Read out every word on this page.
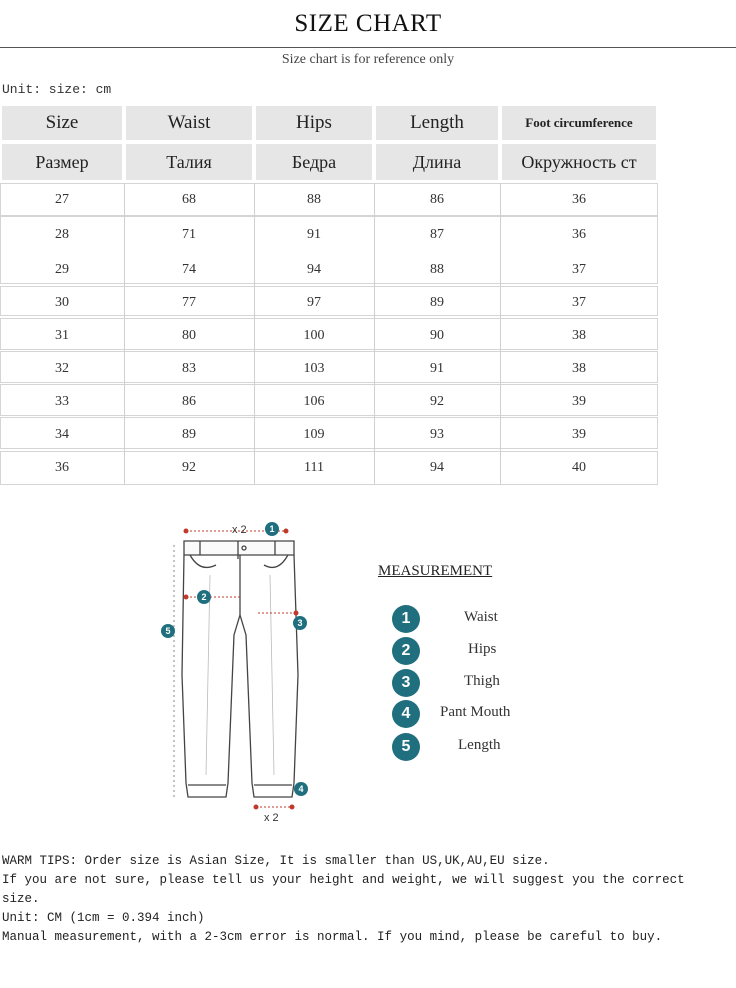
SIZE CHART
Size chart is for reference only
Unit: size: cm
Size	Waist	Hips	Length	Foot circumference
Размер	Талия	Бедра	Длина	Окружность ст
27	68	88	86	36
28	71	91	87	36
29	74	94	88	37
30	77	97	89	37
31	80	100	90	38
32	83	103	91	38
33	86	106	92	39
34	89	109	93	39
36	92	111	94	40
x 2
x 2
1
2
3
4
5
MEASUREMENT
1	Waist
2	Hips
3	Thigh
4	Pant Mouth
5	Length
WARM TIPS: Order size is Asian Size, It is smaller than US,UK,AU,EU size.
If you are not sure, please tell us your height and weight, we will suggest you the correct
size.
Unit: CM (1cm = 0.394 inch)
Manual measurement, with a 2-3cm error is normal. If you mind, please be careful to buy.
